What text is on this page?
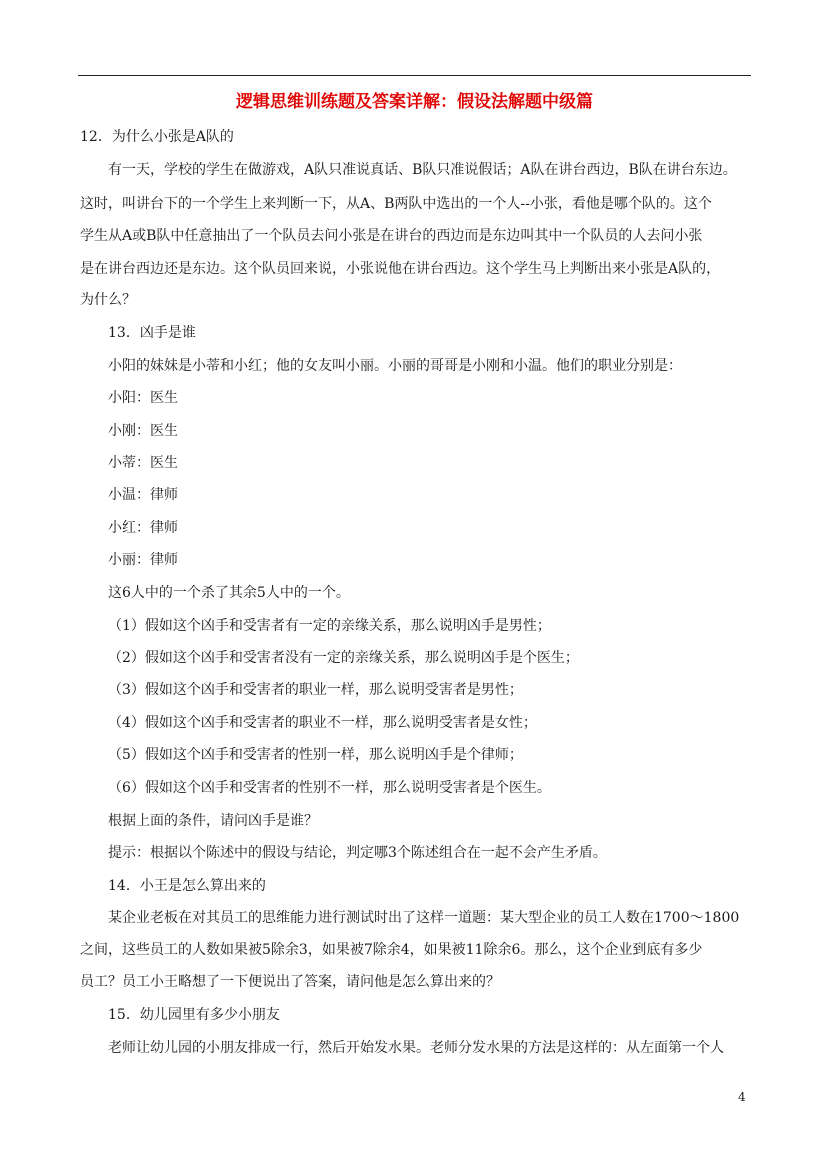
逻辑思维训练题及答案详解：假设法解题中级篇
12．为什么小张是A队的
有一天，学校的学生在做游戏，A队只准说真话、B队只准说假话；A队在讲台西边，B队在讲台东边。
这时，叫讲台下的一个学生上来判断一下，从A、B两队中选出的一个人--小张，看他是哪个队的。这个
学生从A或B队中任意抽出了一个队员去问小张是在讲台的西边而是东边叫其中一个队员的人去问小张
是在讲台西边还是东边。这个队员回来说，小张说他在讲台西边。这个学生马上判断出来小张是A队的，
为什么？
13．凶手是谁
小阳的妹妹是小蒂和小红；他的女友叫小丽。小丽的哥哥是小刚和小温。他们的职业分别是：
小阳：医生
小刚：医生
小蒂：医生
小温：律师
小红：律师
小丽：律师
这6人中的一个杀了其余5人中的一个。
（1）假如这个凶手和受害者有一定的亲缘关系，那么说明凶手是男性；
（2）假如这个凶手和受害者没有一定的亲缘关系，那么说明凶手是个医生；
（3）假如这个凶手和受害者的职业一样，那么说明受害者是男性；
（4）假如这个凶手和受害者的职业不一样，那么说明受害者是女性；
（5）假如这个凶手和受害者的性别一样，那么说明凶手是个律师；
（6）假如这个凶手和受害者的性别不一样，那么说明受害者是个医生。
根据上面的条件，请问凶手是谁？
提示：根据以个陈述中的假设与结论，判定哪3个陈述组合在一起不会产生矛盾。
14．小王是怎么算出来的
某企业老板在对其员工的思维能力进行测试时出了这样一道题：某大型企业的员工人数在1700～1800
之间，这些员工的人数如果被5除余3，如果被7除余4，如果被11除余6。那么，这个企业到底有多少
员工？员工小王略想了一下便说出了答案，请问他是怎么算出来的？
15．幼儿园里有多少小朋友
老师让幼儿园的小朋友排成一行，然后开始发水果。老师分发水果的方法是这样的：从左面第一个人
4
